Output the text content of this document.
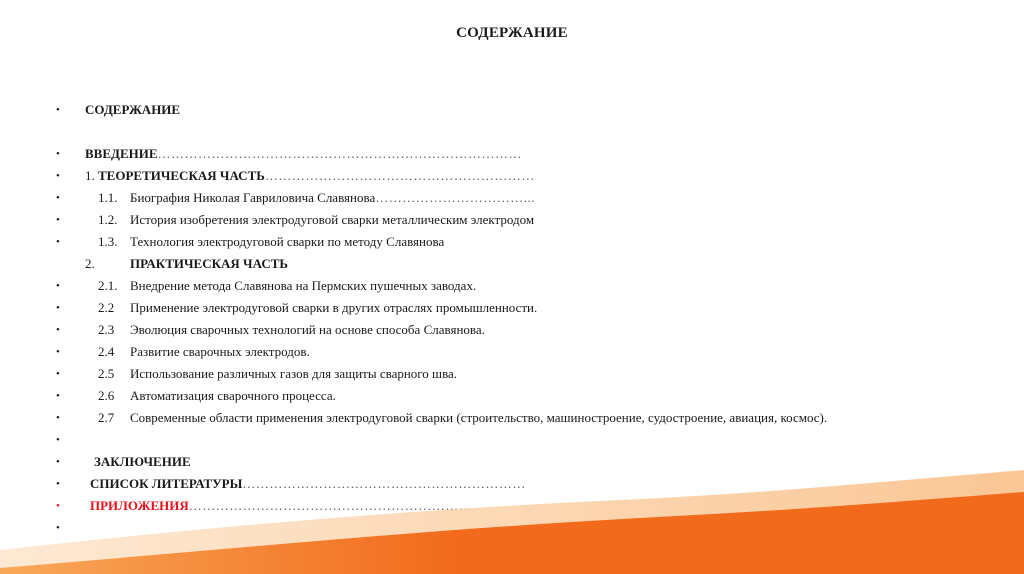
СОДЕРЖАНИЕ
• СОДЕРЖАНИЕ
• ВВЕДЕНИЕ………………………………………………………………………
• 1. ТЕОРЕТИЧЕСКАЯ ЧАСТЬ……………………………………………………
•	1.1. Биография Николая Гавриловича Славянова……………………………...
•	1.2. История изобретения электродуговой сварки металлическим электродом
•	1.3. Технология электродуговой сварки по методу Славянова
2.	ПРАКТИЧЕСКАЯ ЧАСТЬ
•	2.1. Внедрение метода Славянова на Пермских пушечных заводах.
•	2.2 Применение электродуговой сварки в других отраслях промышленности.
•	2.3 Эволюция сварочных технологий на основе способа Славянова.
•	2.4 Развитие сварочных электродов.
•	2.5 Использование различных газов для защиты сварного шва.
•	2.6 Автоматизация сварочного процесса.
•	2.7 Современные области применения электродуговой сварки (строительство, машиностроение, судостроение, авиация, космос).
•
•	ЗАКЛЮЧЕНИЕ
• СПИСОК ЛИТЕРАТУРЫ………………………………………………………
• ПРИЛОЖЕНИЯ………………………………………………………
•
